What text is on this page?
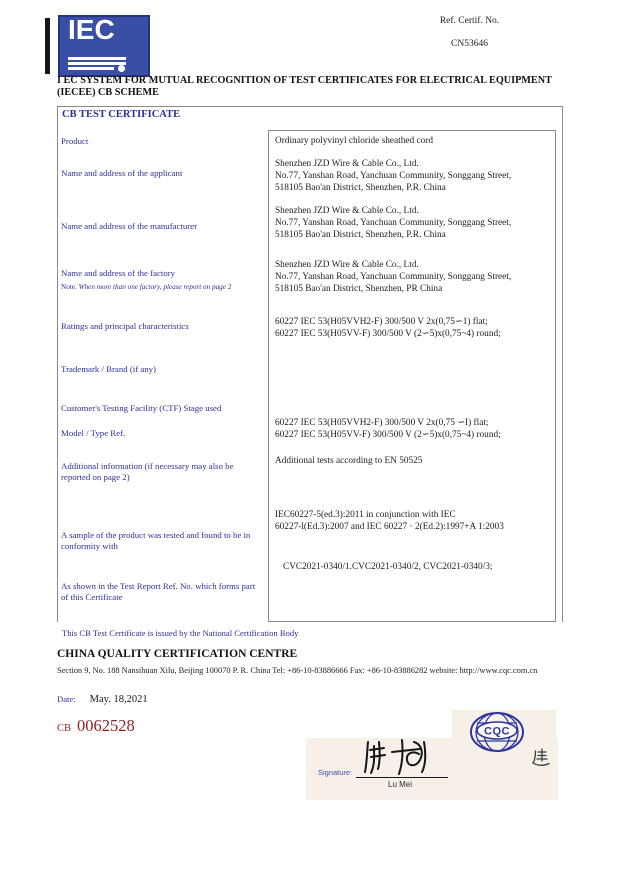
IEC	Ref. Certif. No.
CN53646
I EC SYSTEM FOR MUTUAL RECOGNITION OF TEST CERTIFICATES FOR ELECTRICAL EQUIPMENT (IECEE) CB SCHEME
CB TEST CERTIFICATE
Product
Name and address of the applicant
Name and address of the manufacturer
Name and address of the factory
Note. When more than one factory, please report on page 2
Ratings and principal characteristics
Trademark / Brand (if any)
Customer's Testing Facility (CTF) Stage used
Model / Type Ref.
Additional information (if necessary may also be reported on page 2)
A sample of the product was tested and found to be in conformity with
As shown in the Test Report Ref. No. which forms part of this Certificate
Ordinary polyvinyl chloride sheathed cord
Shenzhen JZD Wire & Cable Co., Ltd.
No.77, Yanshan Road, Yanchuan Community, Songgang Street,
518105 Bao'an District, Shenzhen, P.R. China
Shenzhen JZD Wire & Cable Co., Ltd.
No.77, Yanshan Road, Yanchuan Community, Songgang Street,
518105 Bao'an District, Shenzhen, P.R. China
Shenzhen JZD Wire & Cable Co., Ltd.
No.77, Yanshan Road, Yanchuan Community, Songgang Street,
518105 Bao'an District, Shenzhen, PR China
60227 IEC 53(H05VVH2-F) 300/500 V 2x(0,75∽1) flat;
60227 IEC 53(H05VV-F) 300/500 V (2∽5)x(0,75~4) round;
60227 IEC 53(H05VVH2-F) 300/500 V 2x(0,75 ∽I) flat;
60227 IEC 53(H05VV-F) 300/500 V (2∽5)x(0,75~4) round;
Additional tests according to EN 50525
IEC60227-5(ed.3):2011 in conjunction with IEC
60227-l(Ed.3):2007 and IEC 60227 · 2(Ed.2):1997+A 1:2003
CVC2021-0340/1.CVC2021-0340/2, CVC2021-0340/3;
This CB Test Certificate is issued by the National Certification Body
CHINA QUALITY CERTIFICATION CENTRE
Section 9, No. 188 Nansihuan Xilu, Beijing 100070 P. R. China Tel: +86-10-83886666 Fax: +86-10-83886282 website: http://www.cqc.com.cn
Date: May. 18,2021
CB 0062528	CQC
Signature:
Lu Mei
